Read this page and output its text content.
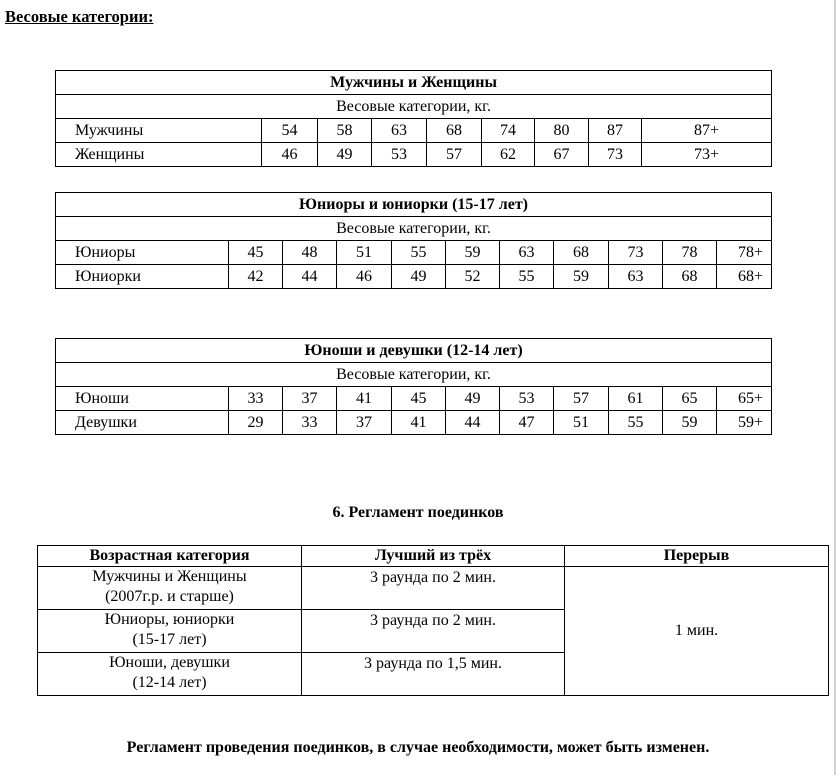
Весовые категории:
Мужчины и Женщины								
Весовые категории, кг.								
Мужчины	54	58	63	68	74	80	87	87+
Женщины	46	49	53	57	62	67	73	73+
Юниоры и юниорки (15-17 лет)										
Весовые категории, кг.										
Юниоры	45	48	51	55	59	63	68	73	78	78+
Юниорки	42	44	46	49	52	55	59	63	68	68+
Юноши и девушки (12-14 лет)										
Весовые категории, кг.										
Юноши	33	37	41	45	49	53	57	61	65	65+
Девушки	29	33	37	41	44	47	51	55	59	59+
6. Регламент поединков
Возрастная категория	Лучший из трёх	Перерыв

Мужчины и Женщины
(2007г.р. и старше)	3 раунда по 2 мин.	1 мин.

Юниоры, юниорки
(15-17 лет)	3 раунда по 2 мин.	

Юноши, девушки
(12-14 лет)	3 раунда по 1,5 мин.	

Регламент проведения поединков, в случае необходимости, может быть изменен.
